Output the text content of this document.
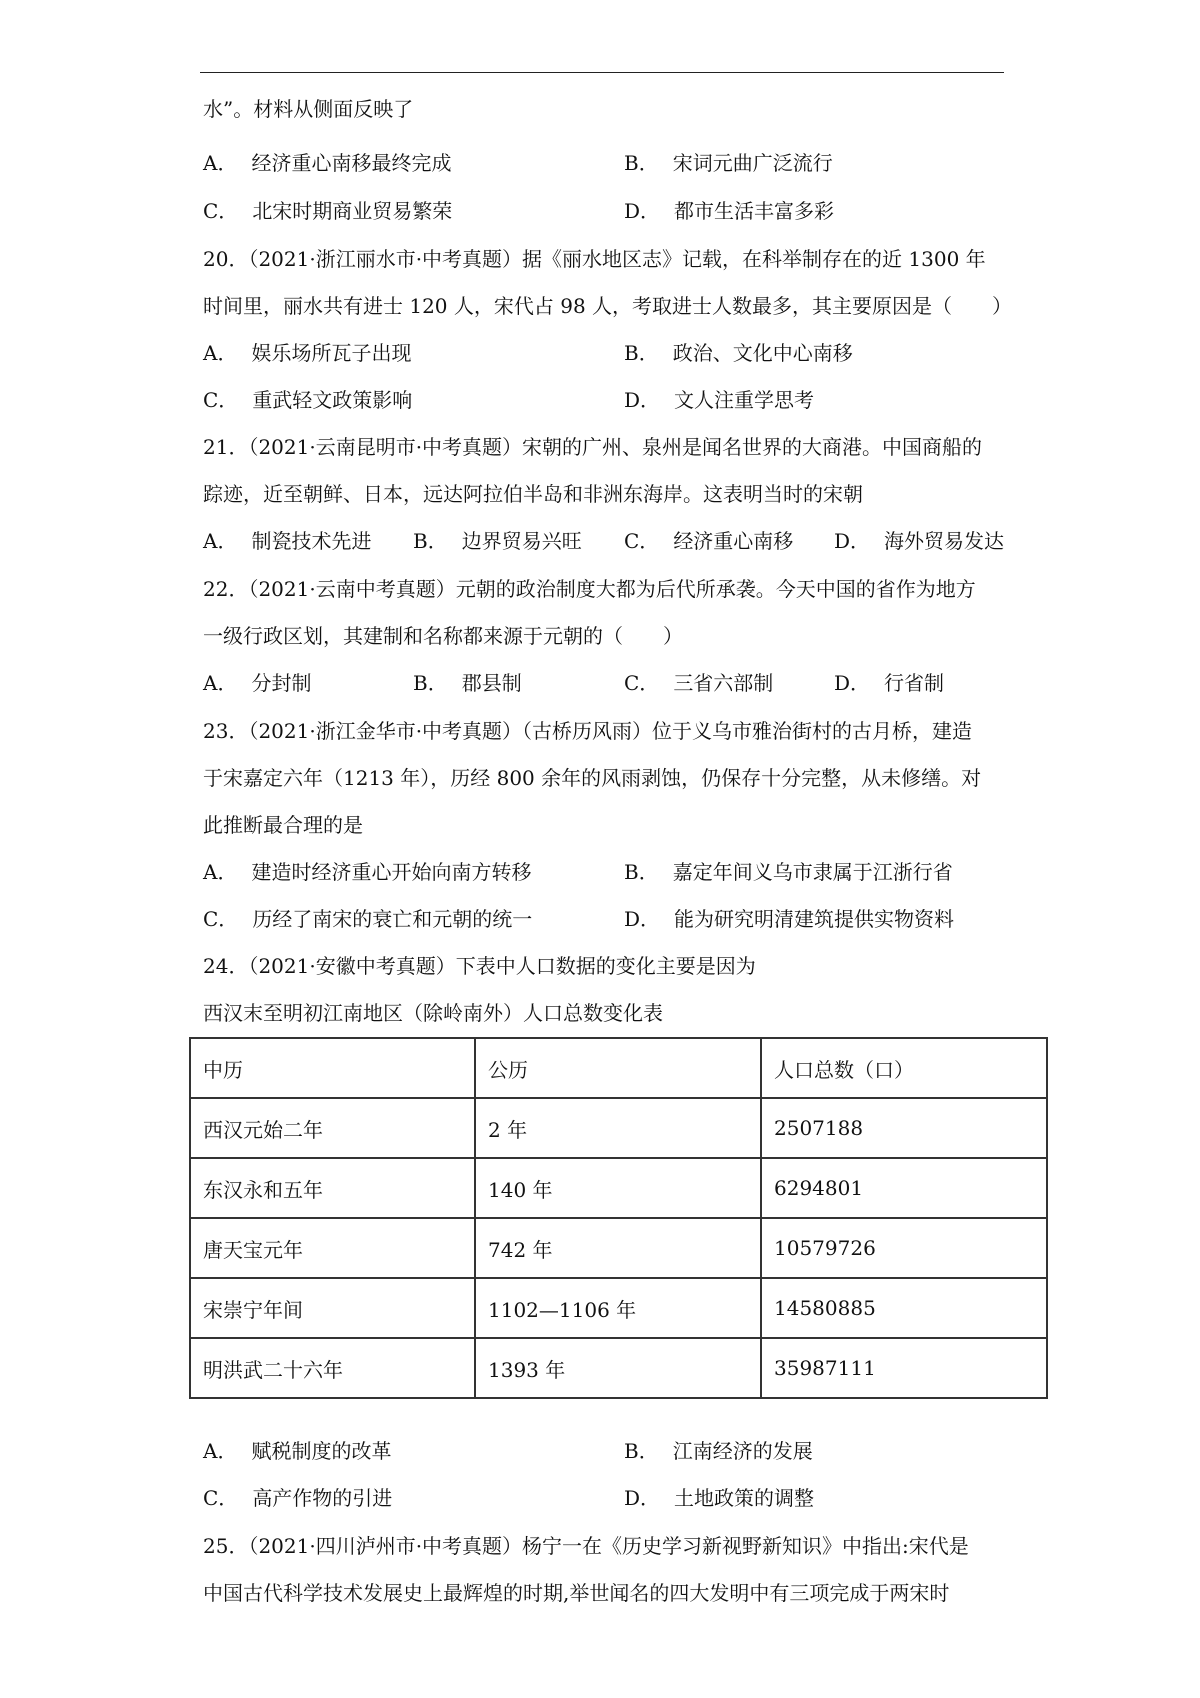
水”。材料从侧面反映了
A． 经济重心南移最终完成	B． 宋词元曲广泛流行
C． 北宋时期商业贸易繁荣	D． 都市生活丰富多彩
20．（2021·浙江丽水市·中考真题）据《丽水地区志》记载，在科举制存在的近 1300 年
时间里，丽水共有进士 120 人，宋代占 98 人，考取进士人数最多，其主要原因是（　　）
A． 娱乐场所瓦子出现	B． 政治、文化中心南移
C． 重武轻文政策影响	D． 文人注重学思考
21．（2021·云南昆明市·中考真题）宋朝的广州、泉州是闻名世界的大商港。中国商船的
踪迹，近至朝鲜、日本，远达阿拉伯半岛和非洲东海岸。这表明当时的宋朝
A． 制瓷技术先进 B． 边界贸易兴旺 C． 经济重心南移 D． 海外贸易发达
22．（2021·云南中考真题）元朝的政治制度大都为后代所承袭。今天中国的省作为地方
一级行政区划，其建制和名称都来源于元朝的（　　）
A． 分封制	B． 郡县制	C． 三省六部制	D． 行省制
23．（2021·浙江金华市·中考真题）（古桥历风雨）位于义乌市雅治街村的古月桥，建造
于宋嘉定六年（1213 年），历经 800 余年的风雨剥蚀，仍保存十分完整，从未修缮。对
此推断最合理的是
A． 建造时经济重心开始向南方转移	B． 嘉定年间义乌市隶属于江浙行省
C． 历经了南宋的衰亡和元朝的统一	D． 能为研究明清建筑提供实物资料
24．（2021·安徽中考真题）下表中人口数据的变化主要是因为
西汉末至明初江南地区（除岭南外）人口总数变化表
中历	公历	人口总数（口）
西汉元始二年	2 年	2507188
东汉永和五年	140 年	6294801
唐天宝元年	742 年	10579726
宋崇宁年间	1102—1106 年	14580885
明洪武二十六年	1393 年	35987111
A． 赋税制度的改革	B． 江南经济的发展
C． 高产作物的引进	D． 土地政策的调整
25．（2021·四川泸州市·中考真题）杨宁一在《历史学习新视野新知识》中指出:宋代是
中国古代科学技术发展史上最辉煌的时期,举世闻名的四大发明中有三项完成于两宋时
